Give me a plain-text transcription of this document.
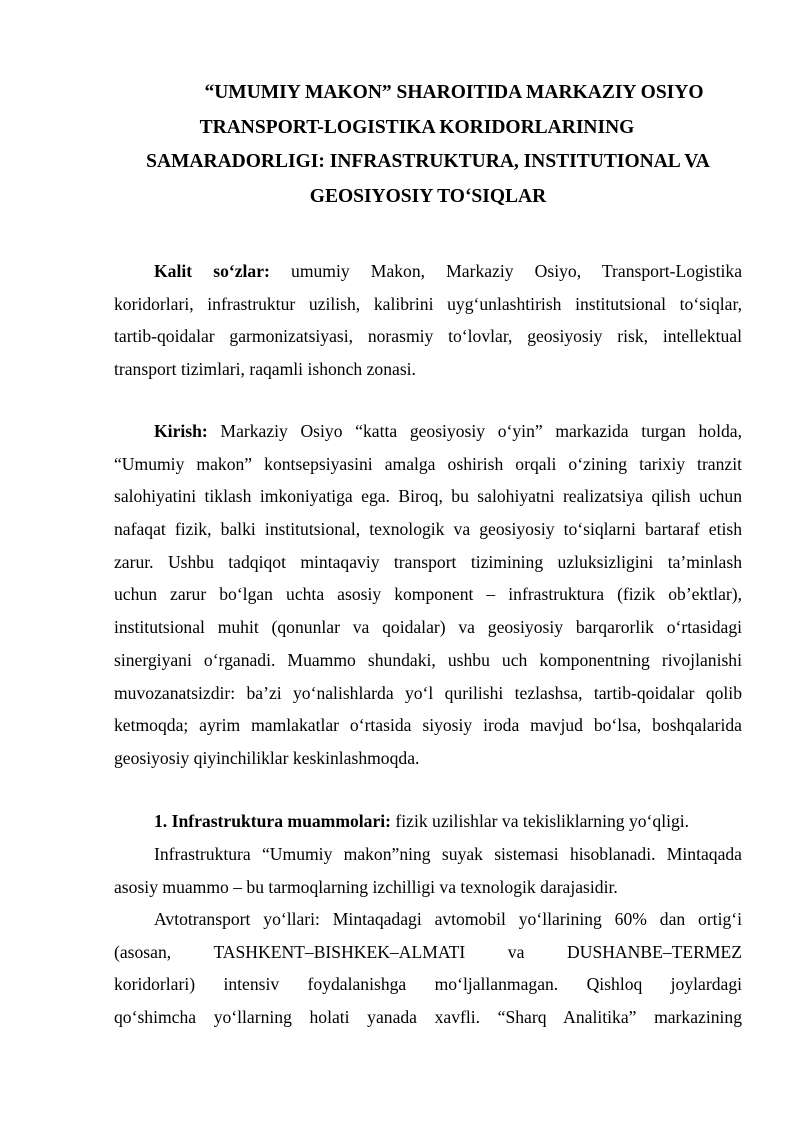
“UMUMIY MAKON” SHAROITIDA MARKAZIY OSIYO
TRANSPORT-LOGISTIKA KORIDORLARINING
SAMARADORLIGI: INFRASTRUKTURA, INSTITUTIONAL VA
GEOSIYOSIY TO‘SIQLAR
Kalit so‘zlar: umumiy Makon, Markaziy Osiyo, Transport-Logistika
koridorlari, infrastruktur uzilish, kalibrini uyg‘unlashtirish institutsional to‘siqlar,
tartib-qoidalar garmonizatsiyasi, norasmiy to‘lovlar, geosiyosiy risk, intellektual
transport tizimlari, raqamli ishonch zonasi.
Kirish: Markaziy Osiyo “katta geosiyosiy o‘yin” markazida turgan holda,
“Umumiy makon” kontsepsiyasini amalga oshirish orqali o‘zining tarixiy tranzit
salohiyatini tiklash imkoniyatiga ega. Biroq, bu salohiyatni realizatsiya qilish uchun
nafaqat fizik, balki institutsional, texnologik va geosiyosiy to‘siqlarni bartaraf etish
zarur. Ushbu tadqiqot mintaqaviy transport tizimining uzluksizligini ta’minlash
uchun zarur bo‘lgan uchta asosiy komponent – infrastruktura (fizik ob’ektlar),
institutsional muhit (qonunlar va qoidalar) va geosiyosiy barqarorlik o‘rtasidagi
sinergiyani o‘rganadi. Muammo shundaki, ushbu uch komponentning rivojlanishi
muvozanatsizdir: ba’zi yo‘nalishlarda yo‘l qurilishi tezlashsa, tartib-qoidalar qolib
ketmoqda; ayrim mamlakatlar o‘rtasida siyosiy iroda mavjud bo‘lsa, boshqalarida
geosiyosiy qiyinchiliklar keskinlashmoqda.
1. Infrastruktura muammolari: fizik uzilishlar va tekisliklarning yo‘qligi.
Infrastruktura “Umumiy makon”ning suyak sistemasi hisoblanadi. Mintaqada
asosiy muammo – bu tarmoqlarning izchilligi va texnologik darajasidir.
Avtotransport yo‘llari: Mintaqadagi avtomobil yo‘llarining 60% dan ortig‘i
(asosan, TASHKENT–BISHKEK–ALMATI va DUSHANBE–TERMEZ
koridorlari) intensiv foydalanishga mo‘ljallanmagan. Qishloq joylardagi
qo‘shimcha yo‘llarning holati yanada xavfli. “Sharq Analitika” markazining
